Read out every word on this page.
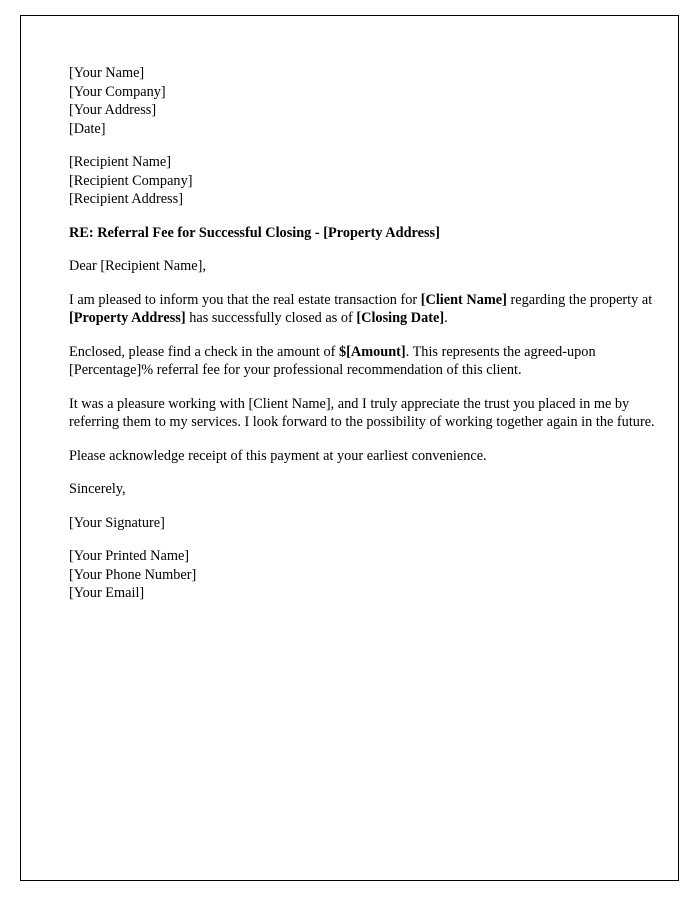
[Your Name]
[Your Company]
[Your Address]
[Date]
[Recipient Name]
[Recipient Company]
[Recipient Address]

RE: Referral Fee for Successful Closing - [Property Address]

Dear [Recipient Name],

I am pleased to inform you that the real estate transaction for [Client Name] regarding the property at [Property Address] has successfully closed as of [Closing Date].

Enclosed, please find a check in the amount of $[Amount]. This represents the agreed-upon [Percentage]% referral fee for your professional recommendation of this client.

It was a pleasure working with [Client Name], and I truly appreciate the trust you placed in me by referring them to my services. I look forward to the possibility of working together again in the future.

Please acknowledge receipt of this payment at your earliest convenience.

Sincerely,

[Your Signature]

[Your Printed Name]
[Your Phone Number]
[Your Email]
